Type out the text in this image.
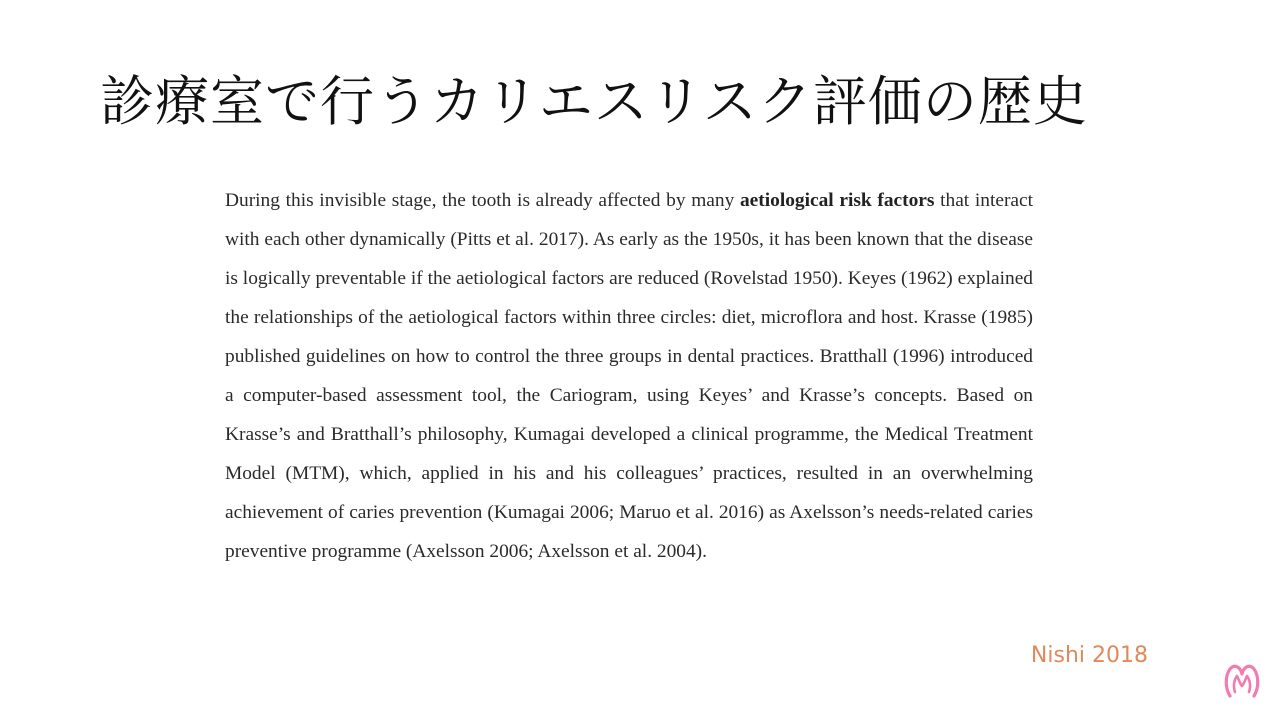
診療室で行うカリエスリスク評価の歴史
During this invisible stage, the tooth is already affected by many aetiological risk factors that interact with each other dynamically (Pitts et al. 2017). As early as the 1950s, it has been known that the disease is logically preventable if the aetiological factors are reduced (Rovelstad 1950). Keyes (1962) explained the relationships of the aetiological factors within three circles: diet, microflora and host. Krasse (1985) published guidelines on how to control the three groups in dental practices. Bratthall (1996) introduced a computer-based assessment tool, the Cariogram, using Keyes’ and Krasse’s concepts. Based on Krasse’s and Bratthall’s philosophy, Kumagai developed a clinical programme, the Medical Treatment Model (MTM), which, applied in his and his colleagues’ practices, resulted in an overwhelming achievement of caries prevention (Kumagai 2006; Maruo et al. 2016) as Axelsson’s needs-related caries preventive programme (Axelsson 2006; Axelsson et al. 2004).
Nishi 2018
